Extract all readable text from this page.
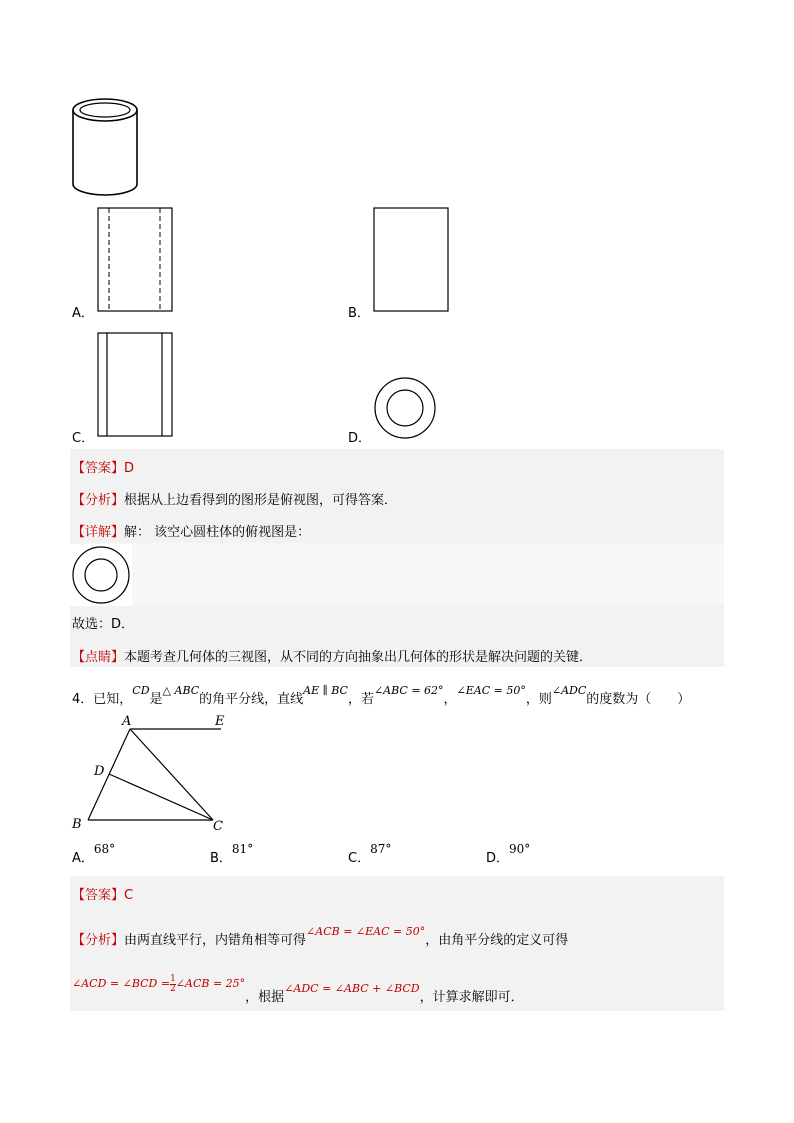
A．	B．
C．	D．
【答案】D
【分析】根据从上边看得到的图形是俯视图，可得答案．
【详解】解： 该空心圆柱体的俯视图是：
故选：D．
【点睛】本题考查几何体的三视图，从不同的方向抽象出几何体的形状是解决问题的关键．
4．已知，$^{CD}$是$^{\triangle ABC}$的角平分线，直线$^{AE \parallel BC}$，若$^{\angle ABC = 62^\circ}$，$^{\angle EAC = 50^\circ}$，则$^{\angle ADC}$的度数为（　　）
A	E
D
B	C
A．68°
B．81°
C．87°
D．90°
【答案】C
【分析】由两直线平行，内错角相等可得$^{\angle ACB = \angle EAC = 50^\circ}$，由角平分线的定义可得
$^{\angle ACD = \angle BCD = \frac{1}{2} \angle ACB = 25^\circ}$，根据$^{\angle ADC = \angle ABC + \angle BCD}$，计算求解即可．
